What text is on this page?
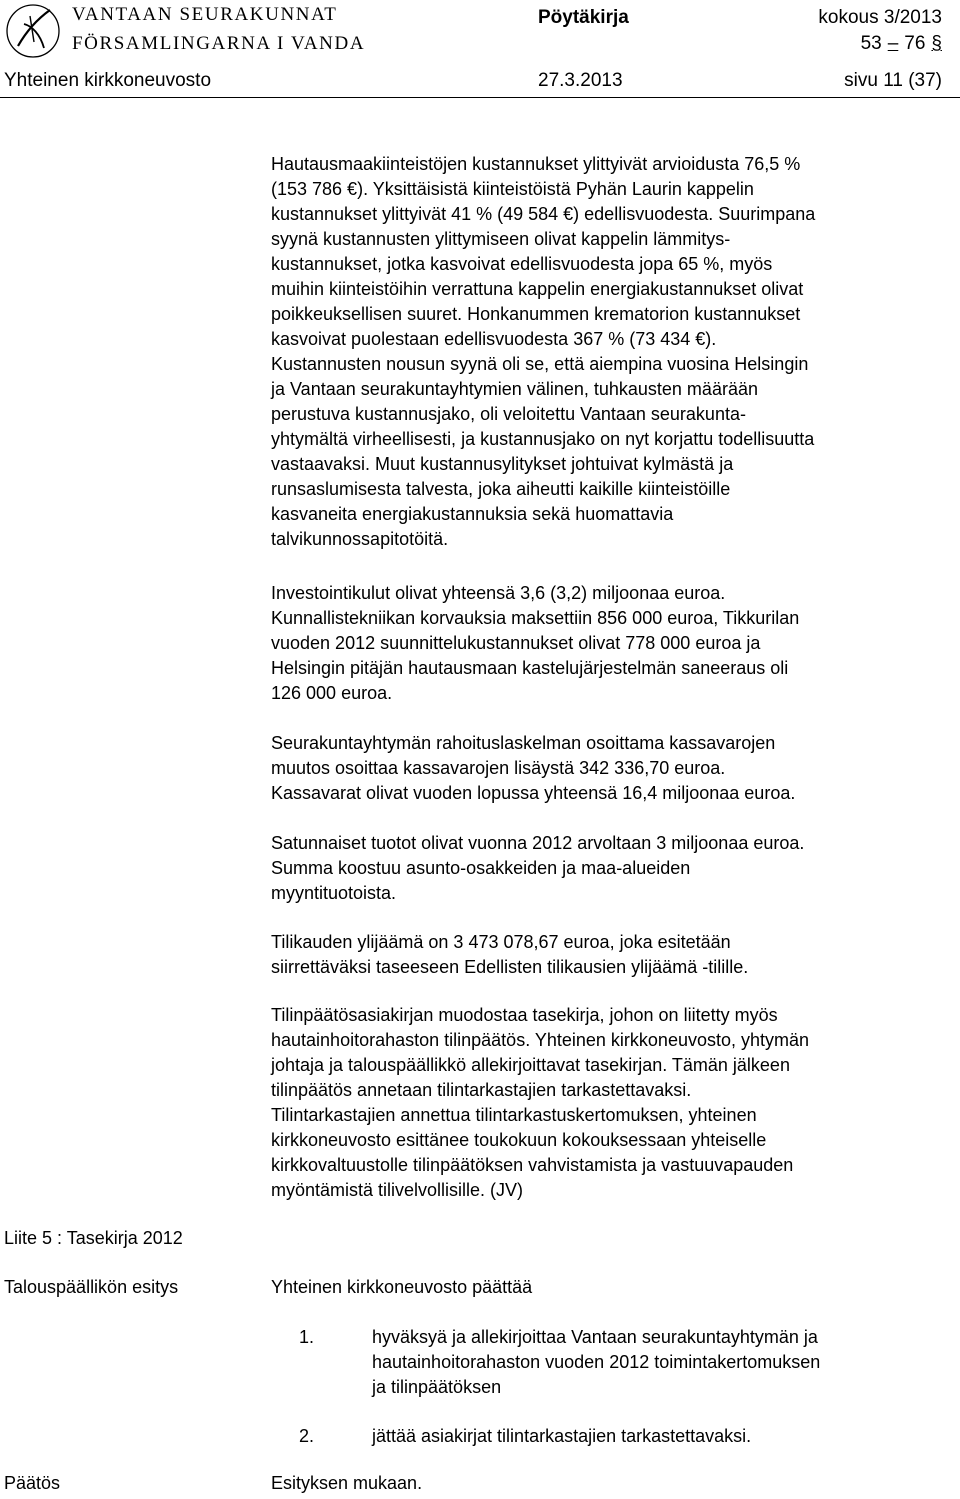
VANTAAN SEURAKUNNAT
FÖRSAMLINGARNA I VANDA
Pöytäkirja	kokous 3/2013
53 – 76 §
Yhteinen kirkkoneuvosto	27.3.2013	sivu 11 (37)

Hautausmaakiinteistöjen kustannukset ylittyivät arvioidusta 76,5 %
(153 786 €). Yksittäisistä kiinteistöistä Pyhän Laurin kappelin
kustannukset ylittyivät 41 % (49 584 €) edellisvuodesta. Suurimpana
syynä kustannusten ylittymiseen olivat kappelin lämmitys-
kustannukset, jotka kasvoivat edellisvuodesta jopa 65 %, myös
muihin kiinteistöihin verrattuna kappelin energiakustannukset olivat
poikkeuksellisen suuret. Honkanummen krematorion kustannukset
kasvoivat puolestaan edellisvuodesta 367 % (73 434 €).
Kustannusten nousun syynä oli se, että aiempina vuosina Helsingin
ja Vantaan seurakuntayhtymien välinen, tuhkausten määrään
perustuva kustannusjako, oli veloitettu Vantaan seurakunta-
yhtymältä virheellisesti, ja kustannusjako on nyt korjattu todellisuutta
vastaavaksi. Muut kustannusylitykset johtuivat kylmästä ja
runsaslumisesta talvesta, joka aiheutti kaikille kiinteistöille
kasvaneita energiakustannuksia sekä huomattavia
talvikunnossapitotöitä.

Investointikulut olivat yhteensä 3,6 (3,2) miljoonaa euroa.
Kunnallistekniikan korvauksia maksettiin 856 000 euroa, Tikkurilan
vuoden 2012 suunnittelukustannukset olivat 778 000 euroa ja
Helsingin pitäjän hautausmaan kastelujärjestelmän saneeraus oli
126 000 euroa.

Seurakuntayhtymän rahoituslaskelman osoittama kassavarojen
muutos osoittaa kassavarojen lisäystä 342 336,70 euroa.
Kassavarat olivat vuoden lopussa yhteensä 16,4 miljoonaa euroa.

Satunnaiset tuotot olivat vuonna 2012 arvoltaan 3 miljoonaa euroa.
Summa koostuu asunto-osakkeiden ja maa-alueiden
myyntituotoista.

Tilikauden ylijäämä on 3 473 078,67 euroa, joka esitetään
siirrettäväksi taseeseen Edellisten tilikausien ylijäämä -tilille.

Tilinpäätösasiakirjan muodostaa tasekirja, johon on liitetty myös
hautainhoitorahaston tilinpäätös. Yhteinen kirkkoneuvosto, yhtymän
johtaja ja talouspäällikkö allekirjoittavat tasekirjan. Tämän jälkeen
tilinpäätös annetaan tilintarkastajien tarkastettavaksi.
Tilintarkastajien annettua tilintarkastuskertomuksen, yhteinen
kirkkoneuvosto esittänee toukokuun kokouksessaan yhteiselle
kirkkovaltuustolle tilinpäätöksen vahvistamista ja vastuuvapauden
myöntämistä tilivelvollisille. (JV)

Liite 5 : Tasekirja 2012
Talouspäällikön esitys
Päätös
Yhteinen kirkkoneuvosto päättää
1.	hyväksyä ja allekirjoittaa Vantaan seurakuntayhtymän ja
hautainhoitorahaston vuoden 2012 toimintakertomuksen
ja tilinpäätöksen
2.	jättää asiakirjat tilintarkastajien tarkastettavaksi.
Esityksen mukaan.
